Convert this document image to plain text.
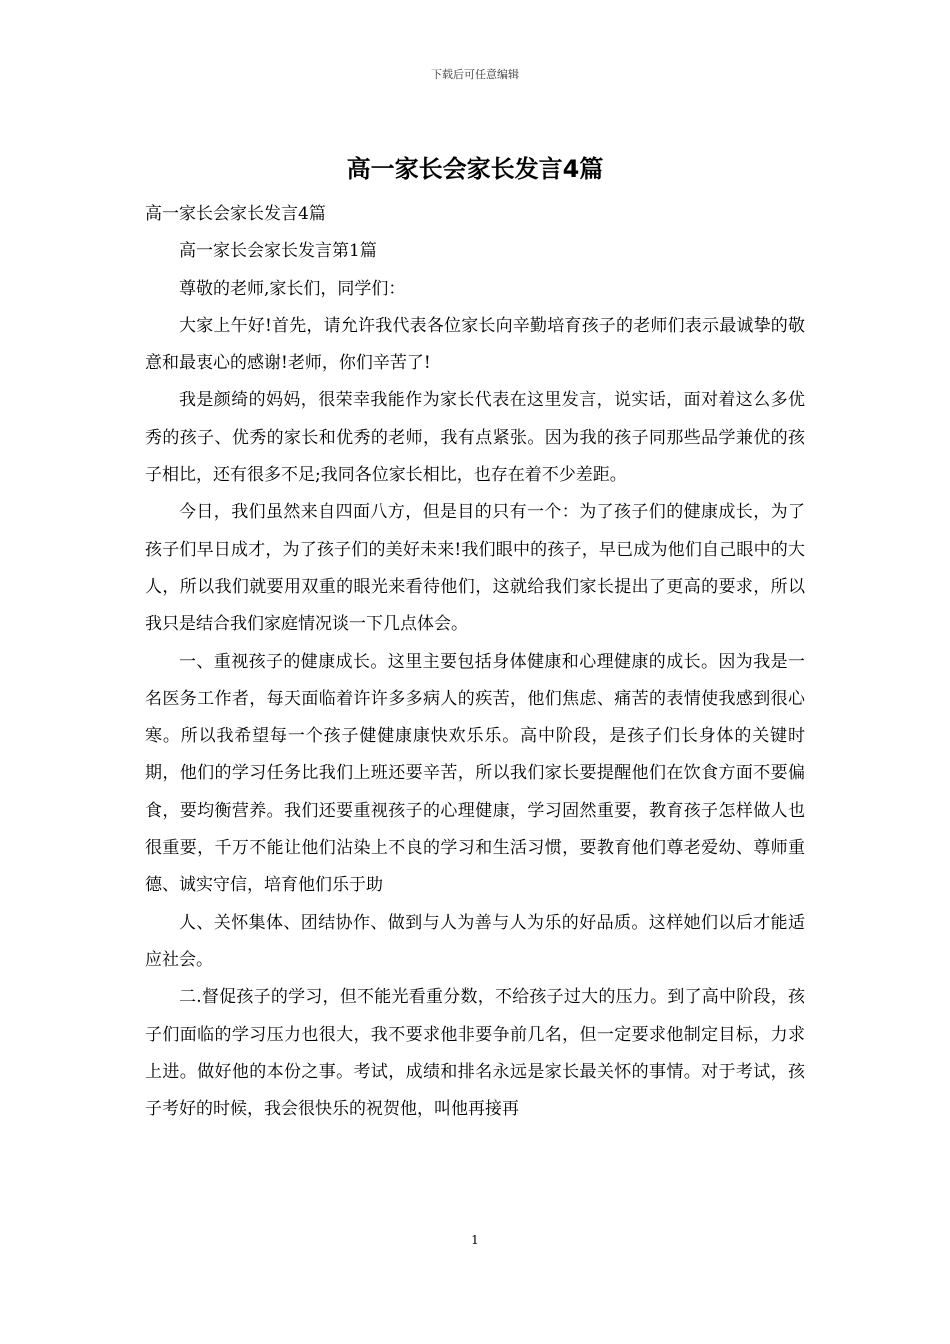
下载后可任意编辑
高一家长会家长发言4篇

高一家长会家长发言4篇

高一家长会家长发言第1篇

尊敬的老师,家长们，同学们：

大家上午好!首先，请允许我代表各位家长向辛勤培育孩子的老师们表示最诚挚的敬意和最衷心的感谢!老师，你们辛苦了!

我是颜绮的妈妈，很荣幸我能作为家长代表在这里发言，说实话，面对着这么多优秀的孩子、优秀的家长和优秀的老师，我有点紧张。因为我的孩子同那些品学兼优的孩子相比，还有很多不足;我同各位家长相比，也存在着不少差距。

今日，我们虽然来自四面八方，但是目的只有一个：为了孩子们的健康成长，为了孩子们早日成才，为了孩子们的美好未来!我们眼中的孩子，早已成为他们自己眼中的大人，所以我们就要用双重的眼光来看待他们，这就给我们家长提出了更高的要求，所以我只是结合我们家庭情况谈一下几点体会。

一、重视孩子的健康成长。这里主要包括身体健康和心理健康的成长。因为我是一名医务工作者，每天面临着许许多多病人的疾苦，他们焦虑、痛苦的表情使我感到很心寒。所以我希望每一个孩子健健康康快欢乐乐。高中阶段，是孩子们长身体的关键时期，他们的学习任务比我们上班还要辛苦，所以我们家长要提醒他们在饮食方面不要偏食，要均衡营养。我们还要重视孩子的心理健康，学习固然重要，教育孩子怎样做人也很重要，千万不能让他们沾染上不良的学习和生活习惯，要教育他们尊老爱幼、尊师重德、诚实守信，培育他们乐于助

人、关怀集体、团结协作、做到与人为善与人为乐的好品质。这样她们以后才能适应社会。

二.督促孩子的学习，但不能光看重分数，不给孩子过大的压力。到了高中阶段，孩子们面临的学习压力也很大，我不要求他非要争前几名，但一定要求他制定目标，力求上进。做好他的本份之事。考试，成绩和排名永远是家长最关怀的事情。对于考试，孩子考好的时候，我会很快乐的祝贺他，叫他再接再

1
